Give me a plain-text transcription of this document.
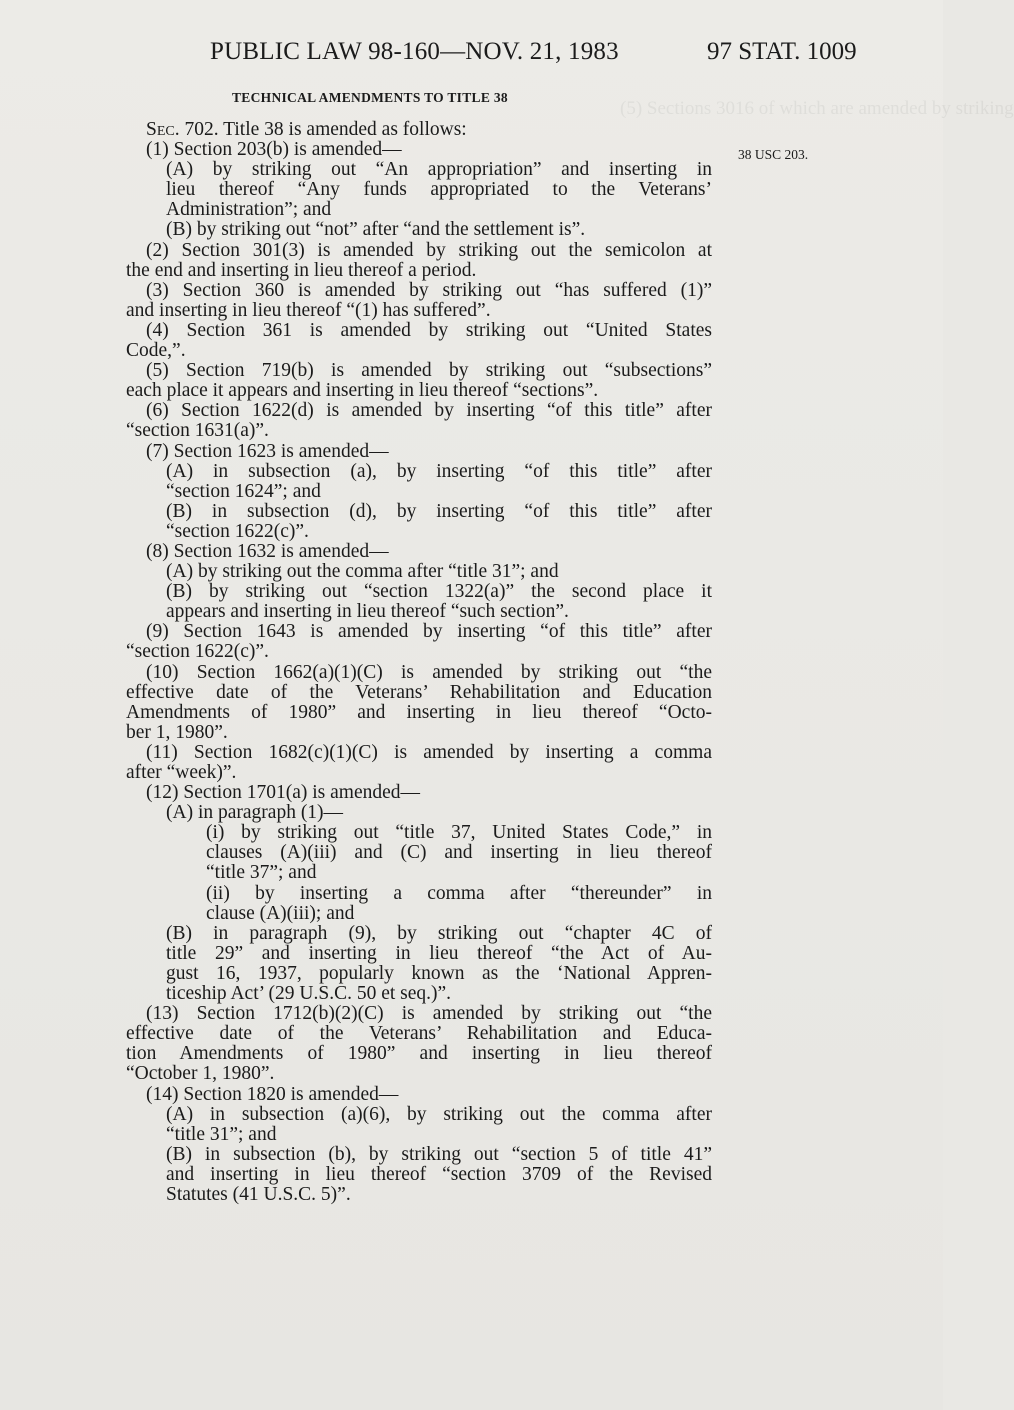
(5) Sections 3016 of which are amended by striking
PUBLIC LAW 98-160—NOV. 21, 1983	97 STAT. 1009
TECHNICAL AMENDMENTS TO TITLE 38
38 USC 203.
Sec. 702. Title 38 is amended as follows:
(1) Section 203(b) is amended—
(A) by striking out “An appropriation” and inserting in
lieu thereof “Any funds appropriated to the Veterans’
Administration”; and
(B) by striking out “not” after “and the settlement is”.
(2) Section 301(3) is amended by striking out the semicolon at
the end and inserting in lieu thereof a period.
(3) Section 360 is amended by striking out “has suffered (1)”
and inserting in lieu thereof “(1) has suffered”.
(4) Section 361 is amended by striking out “United States
Code,”.
(5) Section 719(b) is amended by striking out “subsections”
each place it appears and inserting in lieu thereof “sections”.
(6) Section 1622(d) is amended by inserting “of this title” after
“section 1631(a)”.
(7) Section 1623 is amended—
(A) in subsection (a), by inserting “of this title” after
“section 1624”; and
(B) in subsection (d), by inserting “of this title” after
“section 1622(c)”.
(8) Section 1632 is amended—
(A) by striking out the comma after “title 31”; and
(B) by striking out “section 1322(a)” the second place it
appears and inserting in lieu thereof “such section”.
(9) Section 1643 is amended by inserting “of this title” after
“section 1622(c)”.
(10) Section 1662(a)(1)(C) is amended by striking out “the
effective date of the Veterans’ Rehabilitation and Education
Amendments of 1980” and inserting in lieu thereof “Octo-
ber 1, 1980”.
(11) Section 1682(c)(1)(C) is amended by inserting a comma
after “week)”.
(12) Section 1701(a) is amended—
(A) in paragraph (1)—
(i) by striking out “title 37, United States Code,” in
clauses (A)(iii) and (C) and inserting in lieu thereof
“title 37”; and
(ii) by inserting a comma after “thereunder” in
clause (A)(iii); and
(B) in paragraph (9), by striking out “chapter 4C of
title 29” and inserting in lieu thereof “the Act of Au-
gust 16, 1937, popularly known as the ‘National Appren-
ticeship Act’ (29 U.S.C. 50 et seq.)”.
(13) Section 1712(b)(2)(C) is amended by striking out “the
effective date of the Veterans’ Rehabilitation and Educa-
tion Amendments of 1980” and inserting in lieu thereof
“October 1, 1980”.
(14) Section 1820 is amended—
(A) in subsection (a)(6), by striking out the comma after
“title 31”; and
(B) in subsection (b), by striking out “section 5 of title 41”
and inserting in lieu thereof “section 3709 of the Revised
Statutes (41 U.S.C. 5)”.
